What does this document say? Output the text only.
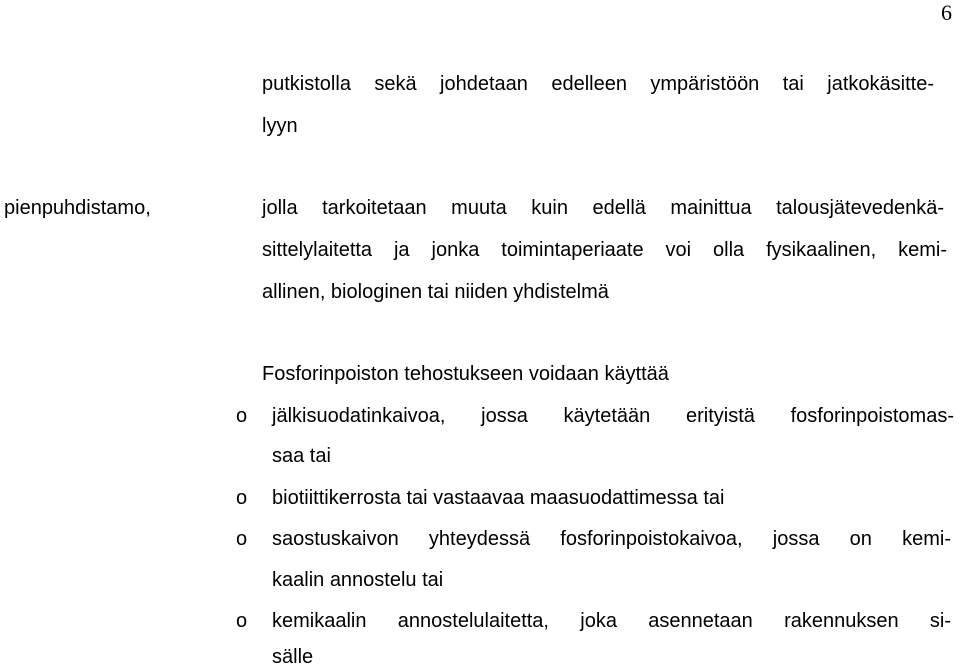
6
putkistolla sekä johdetaan edelleen ympäristöön tai jatkokäsitte-
lyyn
pienpuhdistamo,	jolla tarkoitetaan muuta kuin edellä mainittua talousjätevedenkä-
sittelylaitetta ja jonka toimintaperiaate voi olla fysikaalinen, kemi-
allinen, biologinen tai niiden yhdistelmä
Fosforinpoiston tehostukseen voidaan käyttää
o jälkisuodatinkaivoa, jossa käytetään erityistä fosforinpoistomas-
saa tai
o biotiittikerrosta tai vastaavaa maasuodattimessa tai
o saostuskaivon yhteydessä fosforinpoistokaivoa, jossa on kemi-
kaalin annostelu tai
o kemikaalin annostelulaitetta, joka asennetaan rakennuksen si-
sälle
